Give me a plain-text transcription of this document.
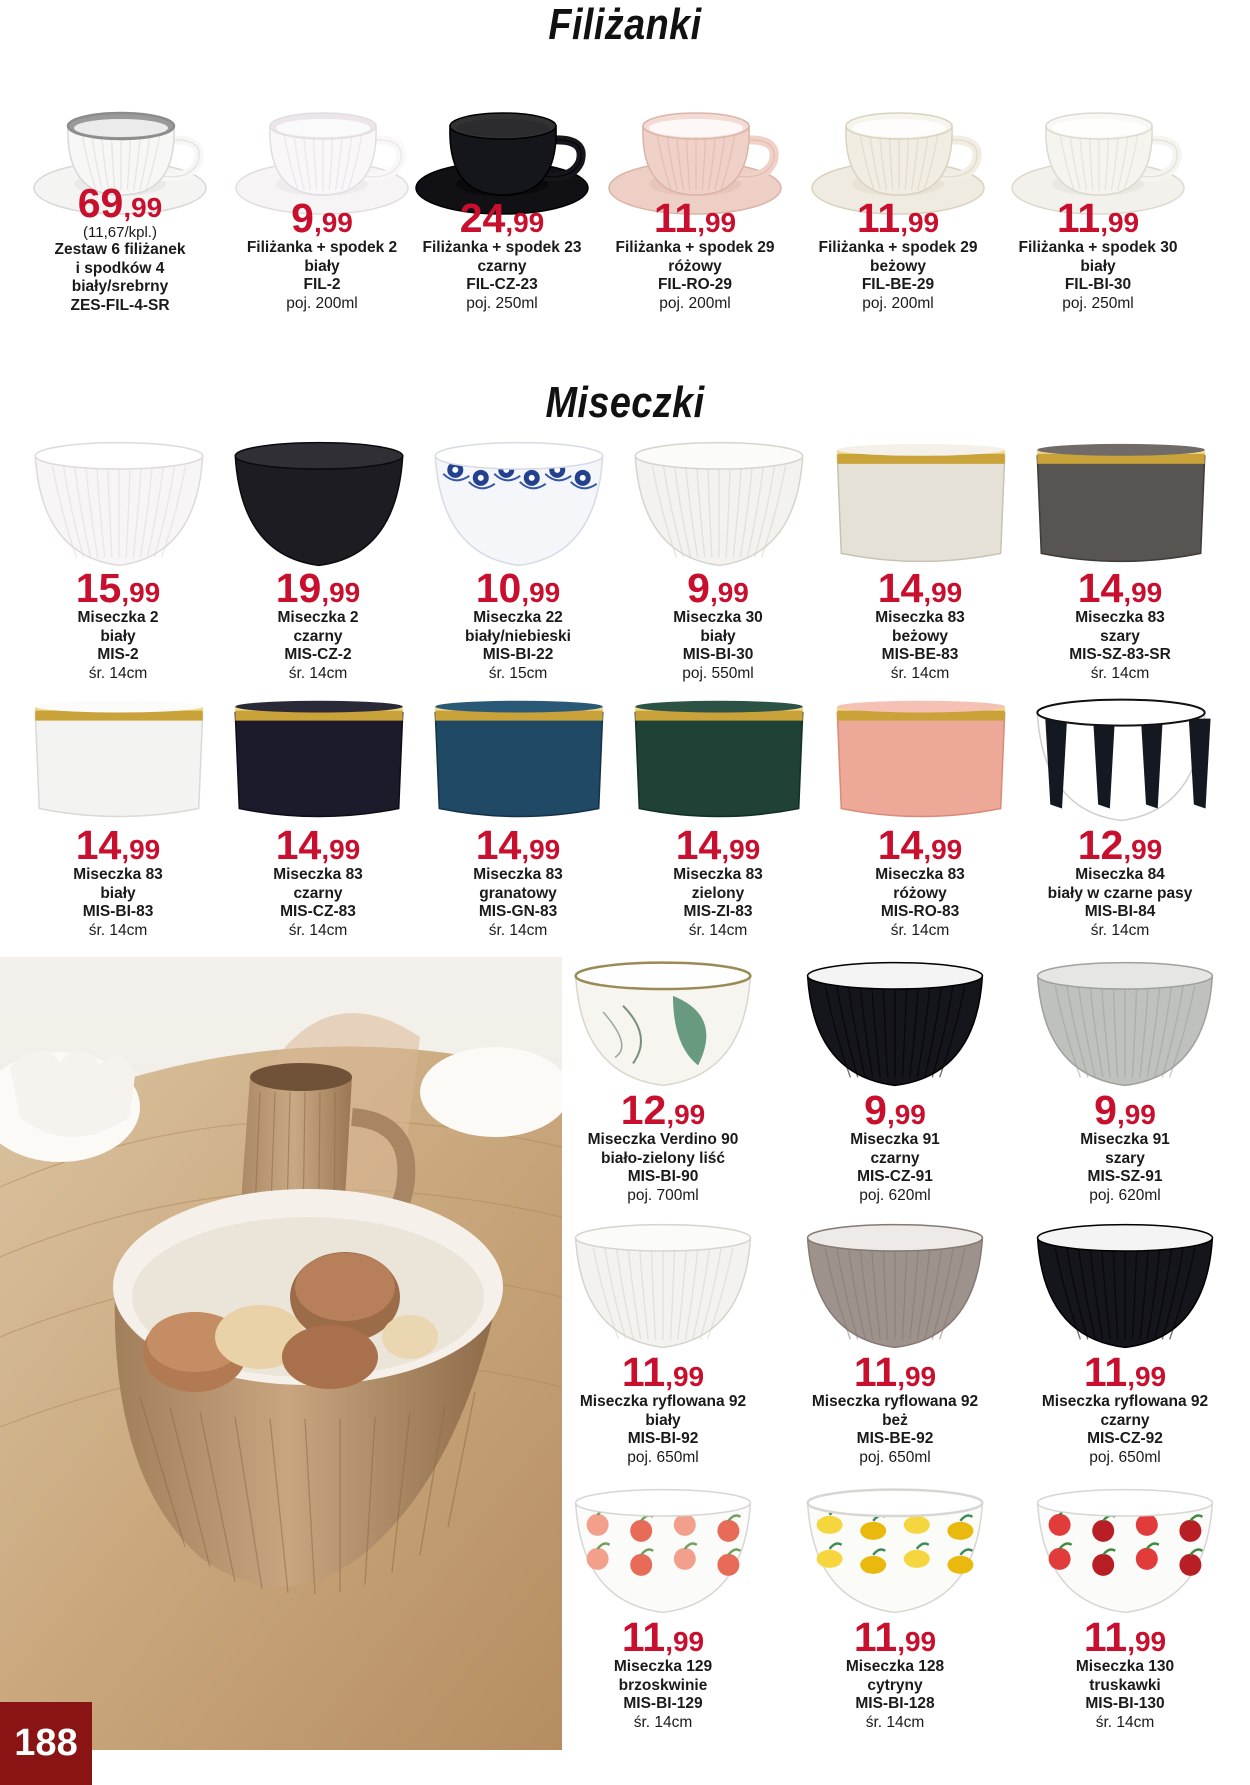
Filiżanki
Miseczki
69,99
(11,67/kpl.)
Zestaw 6 filiżanek
i spodków 4
biały/srebrny
ZES-FIL-4-SR
9,99
Filiżanka + spodek 2
biały
FIL-2
poj. 200ml
24,99
Filiżanka + spodek 23
czarny
FIL-CZ-23
poj. 250ml
11,99
Filiżanka + spodek 29
różowy
FIL-RO-29
poj. 200ml
11,99
Filiżanka + spodek 29
beżowy
FIL-BE-29
poj. 200ml
11,99
Filiżanka + spodek 30
biały
FIL-BI-30
poj. 250ml
15,99
Miseczka 2
biały
MIS-2
śr. 14cm
19,99
Miseczka 2
czarny
MIS-CZ-2
śr. 14cm
10,99
Miseczka 22
biały/niebieski
MIS-BI-22
śr. 15cm
9,99
Miseczka 30
biały
MIS-BI-30
poj. 550ml
14,99
Miseczka 83
beżowy
MIS-BE-83
śr. 14cm
14,99
Miseczka 83
szary
MIS-SZ-83-SR
śr. 14cm
14,99
Miseczka 83
biały
MIS-BI-83
śr. 14cm
14,99
Miseczka 83
czarny
MIS-CZ-83
śr. 14cm
14,99
Miseczka 83
granatowy
MIS-GN-83
śr. 14cm
14,99
Miseczka 83
zielony
MIS-ZI-83
śr. 14cm
14,99
Miseczka 83
różowy
MIS-RO-83
śr. 14cm
12,99
Miseczka 84
biały w czarne pasy
MIS-BI-84
śr. 14cm
12,99
Miseczka Verdino 90
biało-zielony liść
MIS-BI-90
poj. 700ml
9,99
Miseczka 91
czarny
MIS-CZ-91
poj. 620ml
9,99
Miseczka 91
szary
MIS-SZ-91
poj. 620ml
11,99
Miseczka ryflowana 92
biały
MIS-BI-92
poj. 650ml
11,99
Miseczka ryflowana 92
beż
MIS-BE-92
poj. 650ml
11,99
Miseczka ryflowana 92
czarny
MIS-CZ-92
poj. 650ml
11,99
Miseczka 129
brzoskwinie
MIS-BI-129
śr. 14cm
11,99
Miseczka 128
cytryny
MIS-BI-128
śr. 14cm
11,99
Miseczka 130
truskawki
MIS-BI-130
śr. 14cm
188
